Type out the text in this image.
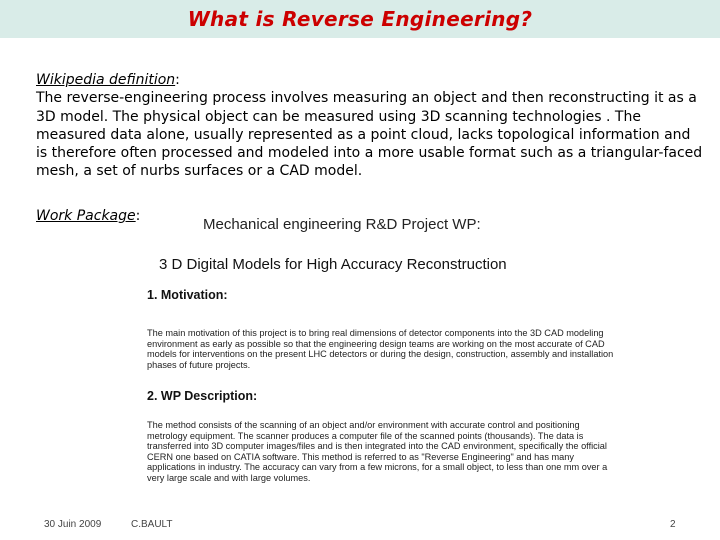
What is Reverse Engineering?
Wikipedia definition:
The reverse-engineering process involves measuring an object and then reconstructing it as a 3D model. The physical object can be measured using 3D scanning technologies . The measured data alone, usually represented as a point cloud, lacks topological information and is therefore often processed and modeled into a more usable format such as a triangular-faced mesh, a set of nurbs surfaces or a CAD model.
Work Package:	Mechanical engineering R&D Project WP:
3 D Digital Models for High Accuracy Reconstruction
1. Motivation:
The main motivation of this project is to bring real dimensions of detector components into the 3D CAD modeling environment as early as possible so that the engineering design teams are working on the most accurate of CAD models for interventions on the present LHC detectors or during the design, construction, assembly and installation phases of future projects.
2. WP Description:
The method consists of the scanning of an object and/or environment with accurate control and positioning metrology equipment. The scanner produces a computer file of the scanned points (thousands). The data is transferred into 3D computer images/files and is then integrated into the CAD environment, specifically the official CERN one based on CATIA software. This method is referred to as "Reverse Engineering" and has many applications in industry. The accuracy can vary from a few microns, for a small object, to less than one mm over a very large scale and with large volumes.
30 Juin 2009	C.BAULT	2
